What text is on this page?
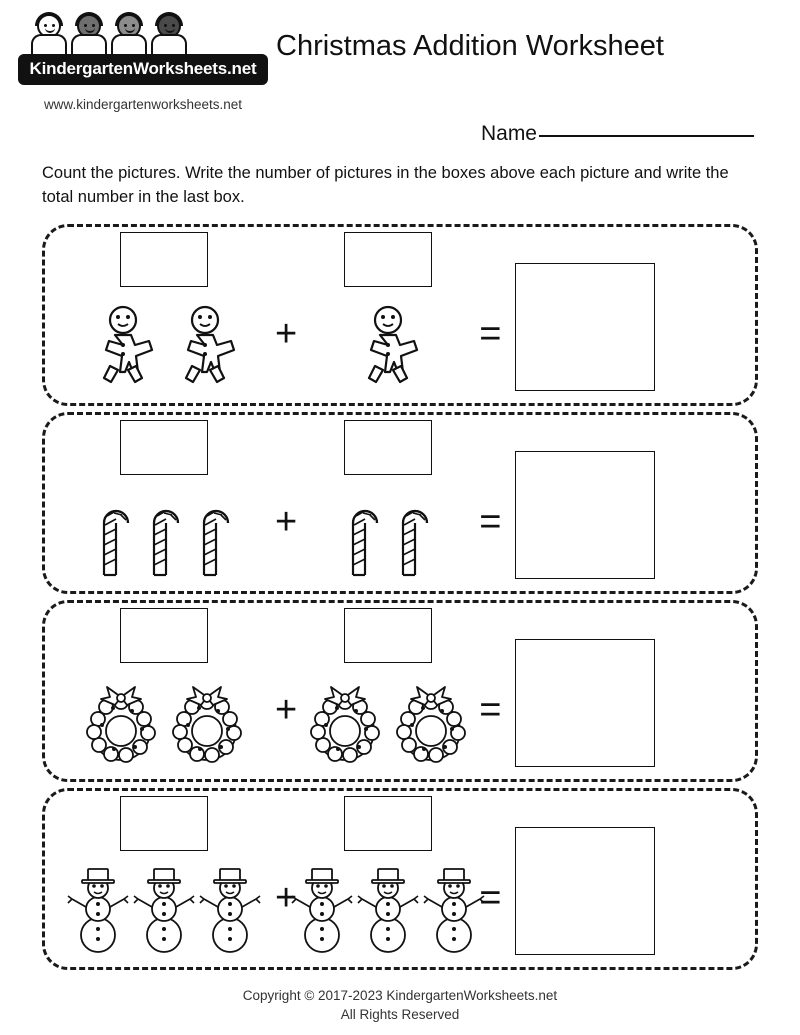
KindergartenWorksheets.net
www.kindergartenworksheets.net
Christmas Addition Worksheet
Name
Count the pictures. Write the number of pictures in the boxes above each picture and write the total number in the last box.
+	=
+	=
+	=
+	=
Copyright © 2017-2023 KindergartenWorksheets.net
All Rights Reserved
